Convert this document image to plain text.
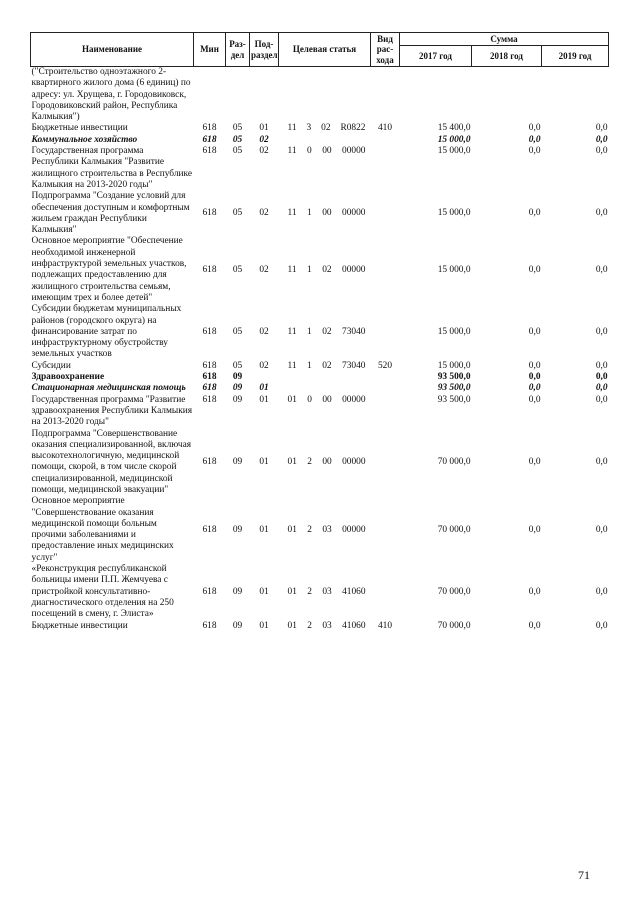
Наименование	Мин	Раз-дел	Под-раздел	Целевая статья	Вид рас-хода	Сумма		
						2017 год	2018 год	2019 год
("Строительство одноэтажного 2-квартирного жилого дома (6 единиц) по адресу: ул. Хрущева, г. Городовиковск, Городовиковский район, Республика Калмыкия")				

Бюджетные инвестиции	618	05	01	11 3 02 R0822	410	15 400,0	0,0	0,0
Коммунальное хозяйство	618	05	02			15 000,0	0,0	0,0
Государственная программа Республики Калмыкия "Развитие жилищного строительства в Республике Калмыкия на 2013-2020 годы"	618	05	02	11 0 00 00000		15 000,0	0,0	0,0
Подпрограмма "Создание условий для обеспечения доступным и комфортным жильем граждан Республики Калмыкия"	618	05	02	11 1 00 00000		15 000,0	0,0	0,0
Основное мероприятие "Обеспечение необходимой инженерной инфраструктурой земельных участков, подлежащих предоставлению для жилищного строительства семьям, имеющим трех и более детей"	618	05	02	11 1 02 00000		15 000,0	0,0	0,0
Субсидии бюджетам муниципальных районов (городского округа) на финансирование затрат по инфраструктурному обустройству земельных участков	618	05	02	11 1 02 73040		15 000,0	0,0	0,0
Субсидии	618	05	02	11 1 02 73040	520	15 000,0	0,0	0,0
Здравоохранение	618	09				93 500,0	0,0	0,0
Стационарная медицинская помощь	618	09	01			93 500,0	0,0	0,0
Государственная программа "Развитие здравоохранения Республики Калмыкия на 2013-2020 годы"	618	09	01	01 0 00 00000		93 500,0	0,0	0,0
Подпрограмма "Совершенствование оказания специализированной, включая высокотехнологичную, медицинской помощи, скорой, в том числе скорой специализированной, медицинской помощи, медицинской эвакуации"	618	09	01	01 2 00 00000		70 000,0	0,0	0,0
Основное мероприятие "Совершенствование оказания медицинской помощи больным прочими заболеваниями и предоставление иных медицинских услуг"	618	09	01	01 2 03 00000		70 000,0	0,0	0,0
«Реконструкция республиканской больницы имени П.П. Жемчуева с пристройкой консультативно-диагностического отделения на 250 посещений в смену, г. Элиста»	618	09	01	01 2 03 41060		70 000,0	0,0	0,0
Бюджетные инвестиции	618	09	01	01 2 03 41060	410	70 000,0	0,0	0,0
71
